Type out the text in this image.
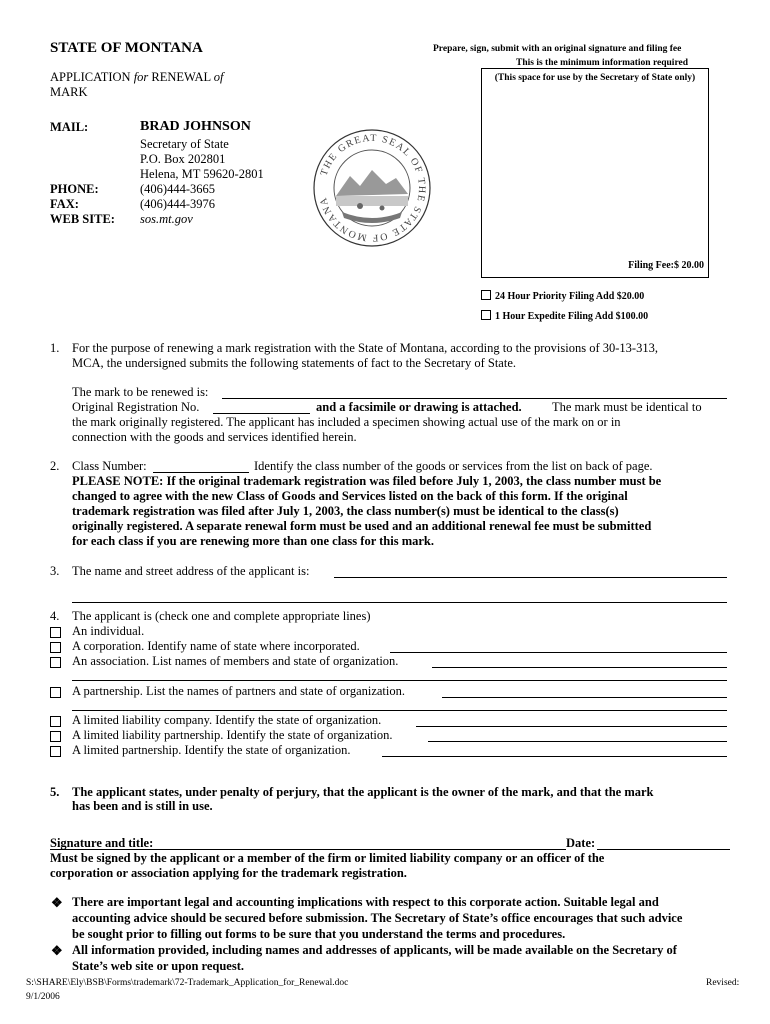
STATE OF MONTANA
APPLICATION for RENEWAL of
MARK
Prepare, sign, submit with an original signature and filing fee
This is the minimum information required
(This space for use by the Secretary of State only)
Filing Fee:$ 20.00
24 Hour Priority Filing Add $20.00
1 Hour Expedite Filing Add $100.00
MAIL:	BRAD JOHNSON
Secretary of State
P.O. Box 202801
Helena, MT 59620-2801
PHONE:	(406)444-3665
FAX:	(406)444-3976
WEB SITE: sos.mt.gov
THE GREAT SEAL OF THE STATE OF MONTANA
1. For the purpose of renewing a mark registration with the State of Montana, according to the provisions of 30-13-313,
MCA, the undersigned submits the following statements of fact to the Secretary of State.
The mark to be renewed is:
Original Registration No.	and a facsimile or drawing is attached. The mark must be identical to
the mark originally registered. The applicant has included a specimen showing actual use of the mark on or in
connection with the goods and services identified herein.
2. Class Number:	Identify the class number of the goods or services from the list on back of page.
PLEASE NOTE: If the original trademark registration was filed before July 1, 2003, the class number must be
changed to agree with the new Class of Goods and Services listed on the back of this form. If the original
trademark registration was filed after July 1, 2003, the class number(s) must be identical to the class(s)
originally registered. A separate renewal form must be used and an additional renewal fee must be submitted
for each class if you are renewing more than one class for this mark.
3. The name and street address of the applicant is:
4. The applicant is (check one and complete appropriate lines)
An individual.
A corporation. Identify name of state where incorporated.
An association. List names of members and state of organization.
A partnership. List the names of partners and state of organization.
A limited liability company. Identify the state of organization.
A limited liability partnership. Identify the state of organization.
A limited partnership. Identify the state of organization.
5. The applicant states, under penalty of perjury, that the applicant is the owner of the mark, and that the mark
has been and is still in use.
Signature and title:	Date:
Must be signed by the applicant or a member of the firm or limited liability company or an officer of the
corporation or association applying for the trademark registration.
❖ There are important legal and accounting implications with respect to this corporate action. Suitable legal and
accounting advice should be secured before submission. The Secretary of State’s office encourages that such advice
be sought prior to filling out forms to be sure that you understand the terms and procedures.
❖ All information provided, including names and addresses of applicants, will be made available on the Secretary of
State’s web site or upon request.
S:\SHARE\Ely\BSB\Forms\trademark\72-Trademark_Application_for_Renewal.doc
9/1/2006
Revised:
